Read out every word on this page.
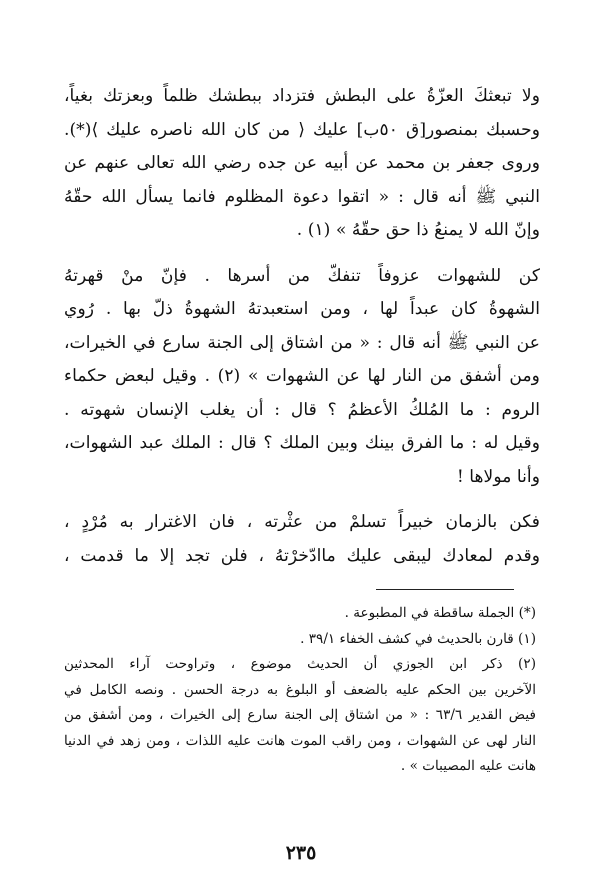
ولا تبعثكَ العزّةُ على البطش فتزداد ببطشك ظلماً وبعزتك بغياً،
وحسبك بمنصور[ق ٥٠ب] عليك ⟨ من كان الله ناصره عليك ⟩(*).
وروى جعفر بن محمد عن أبيه عن جده رضي الله تعالى عنهم عن
النبي ﷺ أنه قال : « اتقوا دعوة المظلوم فانما يسأل الله حقّهُ
وإنّ الله لا يمنعُ ذا حق حقّهُ » (١) .
كن للشهوات عزوفاً تنفكّ من أسرها . فإنّ منْ قهرتهُ
الشهوةُ كان عبداً لها ، ومن استعبدتهُ الشهوةُ ذلّ بها . رُوي
عن النبي ﷺ أنه قال : « من اشتاق إلى الجنة سارع في الخيرات،
ومن أشفق من النار لها عن الشهوات » (٢) . وقيل لبعض حكماء
الروم : ما المُلكُ الأعظمُ ؟ قال : أن يغلب الإنسان شهوته .
وقيل له : ما الفرق بينك وبين الملك ؟ قال : الملك عبد الشهوات،
وأنا مولاها !
فكن بالزمان خبيراً تسلمْ من عثْرته ، فان الاغترار به مُرْدٍ ،
وقدم لمعادك ليبقى عليك ماادّخرْتهُ ، فلن تجد إلا ما قدمت ،
(*) الجملة ساقطة في المطبوعة .
(١) قارن بالحديث في كشف الخفاء ٣٩/١ .
(٢) ذكر ابن الجوزي أن الحديث موضوع ، وتراوحت آراء المحدثين
الآخرين بين الحكم عليه بالضعف أو البلوغ به درجة الحسن . ونصه الكامل في
فيض القدير ٦٣/٦ : « من اشتاق إلى الجنة سارع إلى الخيرات ، ومن أشفق من
النار لهى عن الشهوات ، ومن راقب الموت هانت عليه اللذات ، ومن زهد في الدنيا
هانت عليه المصيبات » .
٢٣٥
